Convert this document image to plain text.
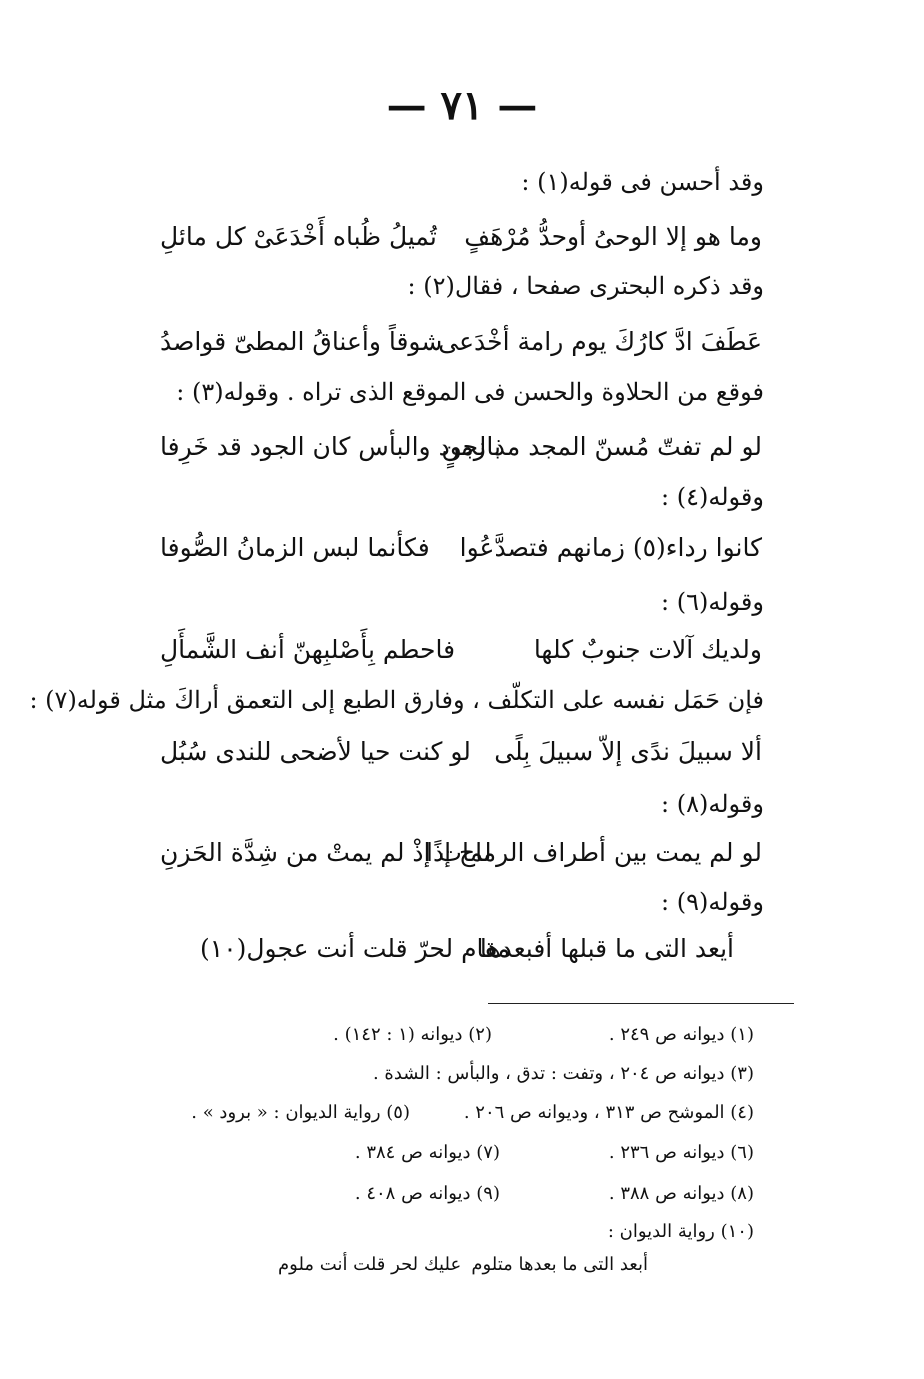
— ٧١ —
وقد أحسن فى قوله(١) :
وما هو إلا الوحىُ أوحدُّ مُرْهَفٍ
تُميلُ ظُباه أَخْدَعَىْ كل مائلِ
وقد ذكره البحترى صفحا ، فقال(٢) :
عَطَفَ ادَّ كارُكَ يوم رامة أخْدَعى
شوقاً وأعناقُ المطىّ قواصدُ
فوقع من الحلاوة والحسن فى الموقع الذى تراه . وقوله(٣) :
لو لم تفتّ مُسنّ المجد مذ زمنٍ
بالجود والبأس كان الجود قد خَرِفا
وقوله(٤) :
كانوا رداء(٥) زمانهم فتصدَّعُوا
فكأنما لبس الزمانُ الصُّوفا
وقوله(٦) :
ولديك آلات جنوبٌ كلها
فاحطم بِأَصْلبِهنّ أنف الشَّمأَلِ
فإن حَمَل نفسه على التكلّف ، وفارق الطبع إلى التعمق أراكَ مثل قوله(٧) :
ألا سبيلَ ندًى إلاّ سبيلَ بِلًى
لو كنت حيا لأضحى للندى سُبُل
وقوله(٨) :
لو لم يمت بين أطراف الرماح إذًا
لمات إذْ لم يمتْ من شِدَّة الحَزنِ
وقوله(٩) :
أيعد التى ما قبلها أفبعدها
مقام لحرّ قلت أنت عجول(١٠)
(١) ديوانه ص ٢٤٩ .
(٢) ديوانه (١ : ١٤٢) .
(٣) ديوانه ص ٢٠٤ ، وتفت : تدق ، والبأس : الشدة .
(٤) الموشح ص ٣١٣ ، وديوانه ص ٢٠٦ .
(٥) رواية الديوان : « برود » .
(٦) ديوانه ص ٢٣٦ .
(٧) ديوانه ص ٣٨٤ .
(٨) ديوانه ص ٣٨٨ .
(٩) ديوانه ص ٤٠٨ .
(١٠) رواية الديوان :
أبعد التى ما بعدها متلوم
عليك لحر قلت أنت ملوم
